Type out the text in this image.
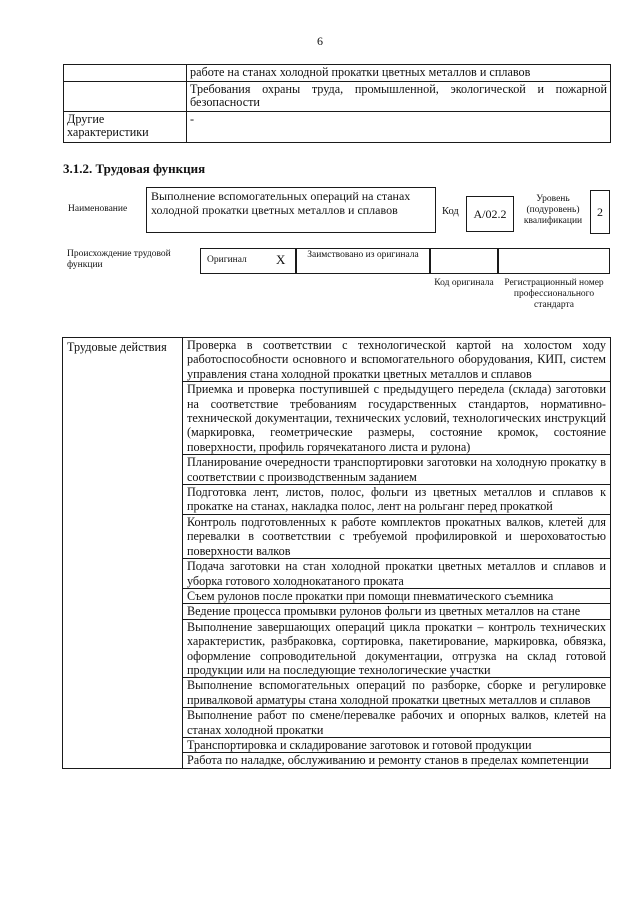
6
	работе на станах холодной прокатки цветных металлов и сплавов
	Требования охраны труда, промышленной, экологической и пожарной безопасности
Другие характеристики	-
3.1.2. Трудовая функция
Наименование
Выполнение вспомогательных операций на станах холодной прокатки цветных металлов и сплавов	Код	А/02.2
Уровень (подуровень) квалификации
2
Происхождение трудовой функции	Оригинал X	Заимствовано из оригинала
Код оригинала	Регистрационный номер профессионального стандарта
Трудовые действия	Проверка в соответствии с технологической картой на холостом ходу работоспособности основного и вспомогательного оборудования, КИП, систем управления стана холодной прокатки цветных металлов и сплавов
Приемка и проверка поступившей с предыдущего передела (склада) заготовки на соответствие требованиям государственных стандартов, нормативно-технической документации, технических условий, технологических инструкций (маркировка, геометрические размеры, состояние кромок, состояние поверхности, профиль горячекатаного листа и рулона)
Планирование очередности транспортировки заготовки на холодную прокатку в соответствии с производственным заданием
Подготовка лент, листов, полос, фольги из цветных металлов и сплавов к прокатке на станах, накладка полос, лент на рольганг перед прокаткой
Контроль подготовленных к работе комплектов прокатных валков, клетей для перевалки в соответствии с требуемой профилировкой и шероховатостью поверхности валков
Подача заготовки на стан холодной прокатки цветных металлов и сплавов и уборка готового холоднокатаного проката
Съем рулонов после прокатки при помощи пневматического съемника
Ведение процесса промывки рулонов фольги из цветных металлов на стане
Выполнение завершающих операций цикла прокатки – контроль технических характеристик, разбраковка, сортировка, пакетирование, маркировка, обвязка, оформление сопроводительной документации, отгрузка на склад готовой продукции или на последующие технологические участки
Выполнение вспомогательных операций по разборке, сборке и регулировке привалковой арматуры стана холодной прокатки цветных металлов и сплавов
Выполнение работ по смене/перевалке рабочих и опорных валков, клетей на станах холодной прокатки
Транспортировка и складирование заготовок и готовой продукции
Работа по наладке, обслуживанию и ремонту станов в пределах компетенции
